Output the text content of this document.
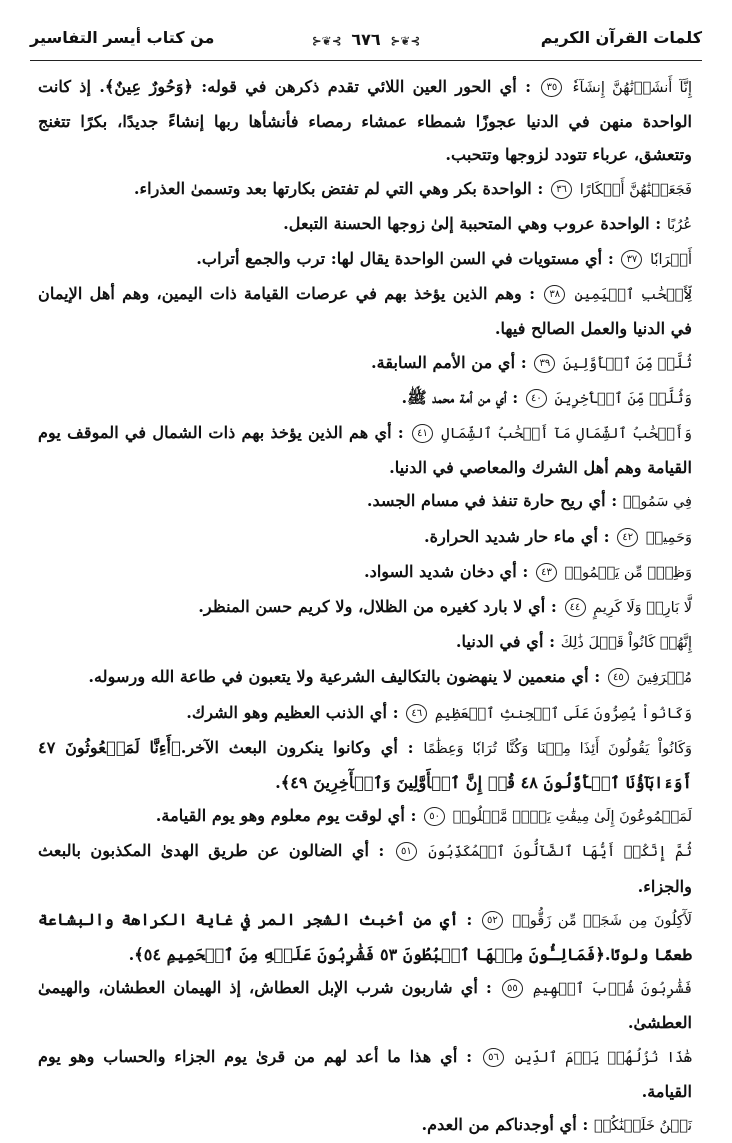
كلمات القرآن الكريم
⊱❦⊰ ٦٧٦ ⊱❦⊰
من كتاب أيسر التفاسير

إِنَّآ أَنشَأۡنَٰهُنَّ إِنشَآءٗ ٣٥ : أي الحور العين اللائي تقدم ذكرهن في قوله: ﴿وَحُورٌ عِينٌ﴾. إذ كانت الواحدة منهن في الدنيا عجوزًا شمطاء عمشاء رمصاء فأنشأها ربها إنشاءً جديدًا، بكرًا تتغنج وتتعشق، عرباء تتودد لزوجها وتتحبب.

فَجَعَلۡنَٰهُنَّ أَبۡكَارًا ٣٦ : الواحدة بكر وهي التي لم تفتض بكارتها بعد وتسمىٰ العذراء.

عُرُبًا : الواحدة عروب وهي المتحببة إلىٰ زوجها الحسنة التبعل.

أَتۡرَابٗا ٣٧ : أي مستويات في السن الواحدة يقال لها: ترب والجمع أتراب.

لِّأَصۡحَٰبِ ٱلۡيَمِينِ ٣٨ : وهم الذين يؤخذ بهم في عرصات القيامة ذات اليمين، وهم أهل الإيمان في الدنيا والعمل الصالح فيها.

ثُلَّةٞ مِّنَ ٱلۡأَوَّلِينَ ٣٩ : أي من الأمم السابقة.

وَثُلَّةٞ مِّنَ ٱلۡأٓخِرِينَ ٤٠ : أي من أمة محمد ﷺ.

وَأَصۡحَٰبُ ٱلشِّمَالِ مَآ أَصۡحَٰبُ ٱلشِّمَالِ ٤١ : أي هم الذين يؤخذ بهم ذات الشمال في الموقف يوم القيامة وهم أهل الشرك والمعاصي في الدنيا.

فِي سَمُومٖ : أي ريح حارة تنفذ في مسام الجسد.

وَحَمِيمٖ ٤٢ : أي ماء حار شديد الحرارة.

وَظِلّٖ مِّن يَحۡمُومٖ ٤٣ : أي دخان شديد السواد.

لَّا بَارِدٖ وَلَا كَرِيمٍ ٤٤ : أي لا بارد كغيره من الظلال، ولا كريم حسن المنظر.

إِنَّهُمۡ كَانُواْ قَبۡلَ ذَٰلِكَ : أي في الدنيا.

مُتۡرَفِينَ ٤٥ : أي منعمين لا ينهضون بالتكاليف الشرعية ولا يتعبون في طاعة الله ورسوله.

وَكَانُواْ يُصِرُّونَ عَلَى ٱلۡحِنثِ ٱلۡعَظِيمِ ٤٦ : أي الذنب العظيم وهو الشرك.

وَكَانُواْ يَقُولُونَ أَئِذَا مِتۡنَا وَكُنَّا تُرَابٗا وَعِظَٰمًا : أي وكانوا ينكرون البعث الآخر.﴿أَءِنَّا لَمَبۡعُوثُونَ ٤٧ أَوَءَابَآؤُنَا ٱلۡأَوَّلُونَ ٤٨ قُلۡ إِنَّ ٱلۡأَوَّلِينَ وَٱلۡأٓخِرِينَ ٤٩﴾.

لَمَجۡمُوعُونَ إِلَىٰ مِيقَٰتِ يَوۡمٖ مَّعۡلُومٖ ٥٠ : أي لوقت يوم معلوم وهو يوم القيامة.

ثُمَّ إِنَّكُمۡ أَيُّهَا ٱلضَّآلُّونَ ٱلۡمُكَذِّبُونَ ٥١ : أي الضالون عن طريق الهدىٰ المكذبون بالبعث والجزاء.

لَأٓكِلُونَ مِن شَجَرٖ مِّن زَقُّومٖ ٥٢ : أي من أخبث الشجر المر في غاية الكراهة والبشاعة طعمًا ولونًا.﴿فَمَالِـُٔونَ مِنۡهَا ٱلۡبُطُونَ ٥٣ فَشَٰرِبُونَ عَلَيۡهِ مِنَ ٱلۡحَمِيمِ ٥٤﴾.

فَشَٰرِبُونَ شُرۡبَ ٱلۡهِيمِ ٥٥ : أي شاربون شرب الإبل العطاش، إذ الهيمان العطشان، والهيمىٰ العطشىٰ.

هَٰذَا نُزُلُهُمۡ يَوۡمَ ٱلدِّينِ ٥٦ : أي هذا ما أعد لهم من قرىٰ يوم الجزاء والحساب وهو يوم القيامة.

نَحۡنُ خَلَقۡنَٰكُمۡ : أي أوجدناكم من العدم.
